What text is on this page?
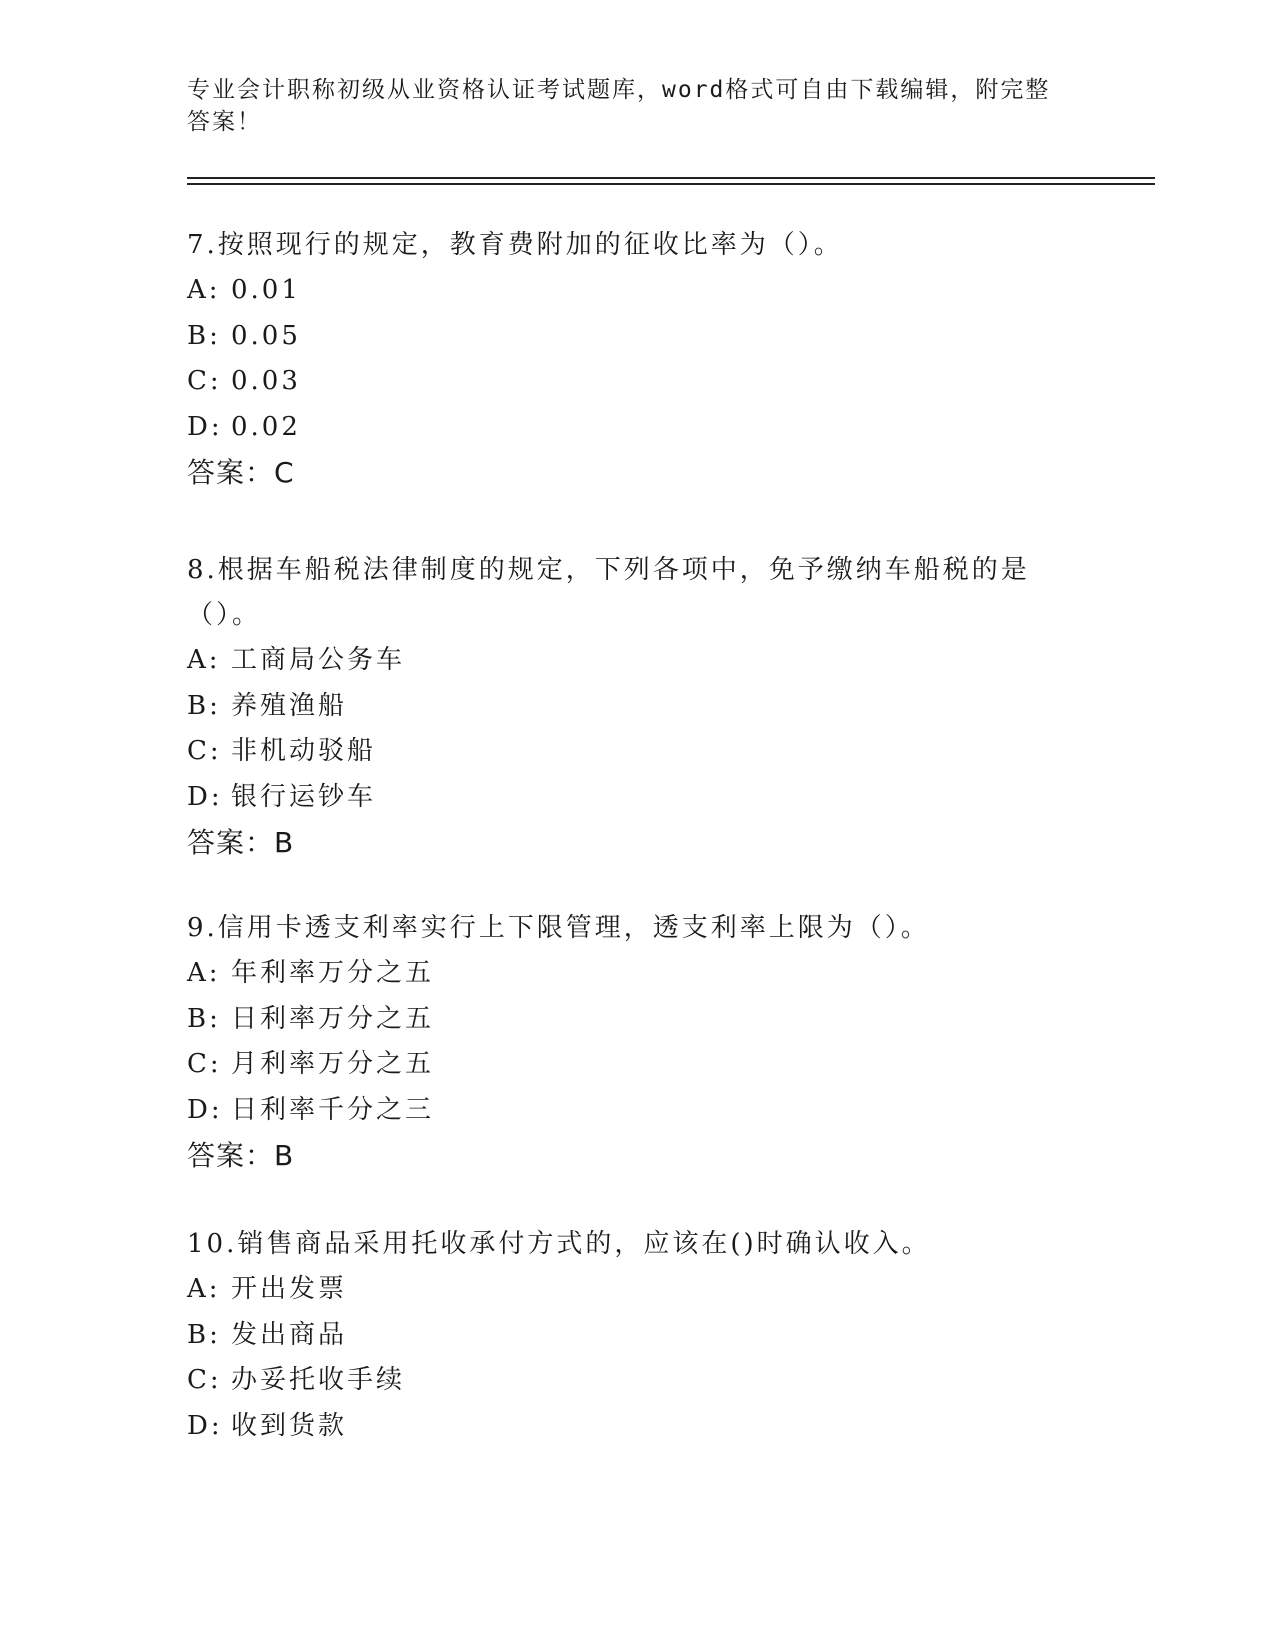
专业会计职称初级从业资格认证考试题库，word格式可自由下载编辑，附完整答案！
7.按照现行的规定，教育费附加的征收比率为（）。
A: 0.01
B: 0.05
C: 0.03
D: 0.02
答案：C
8.根据车船税法律制度的规定，下列各项中，免予缴纳车船税的是（）。
A: 工商局公务车
B: 养殖渔船
C: 非机动驳船
D: 银行运钞车
答案：B
9.信用卡透支利率实行上下限管理，透支利率上限为（）。
A: 年利率万分之五
B: 日利率万分之五
C: 月利率万分之五
D: 日利率千分之三
答案：B
10.销售商品采用托收承付方式的，应该在()时确认收入。
A: 开出发票
B: 发出商品
C: 办妥托收手续
D: 收到货款
